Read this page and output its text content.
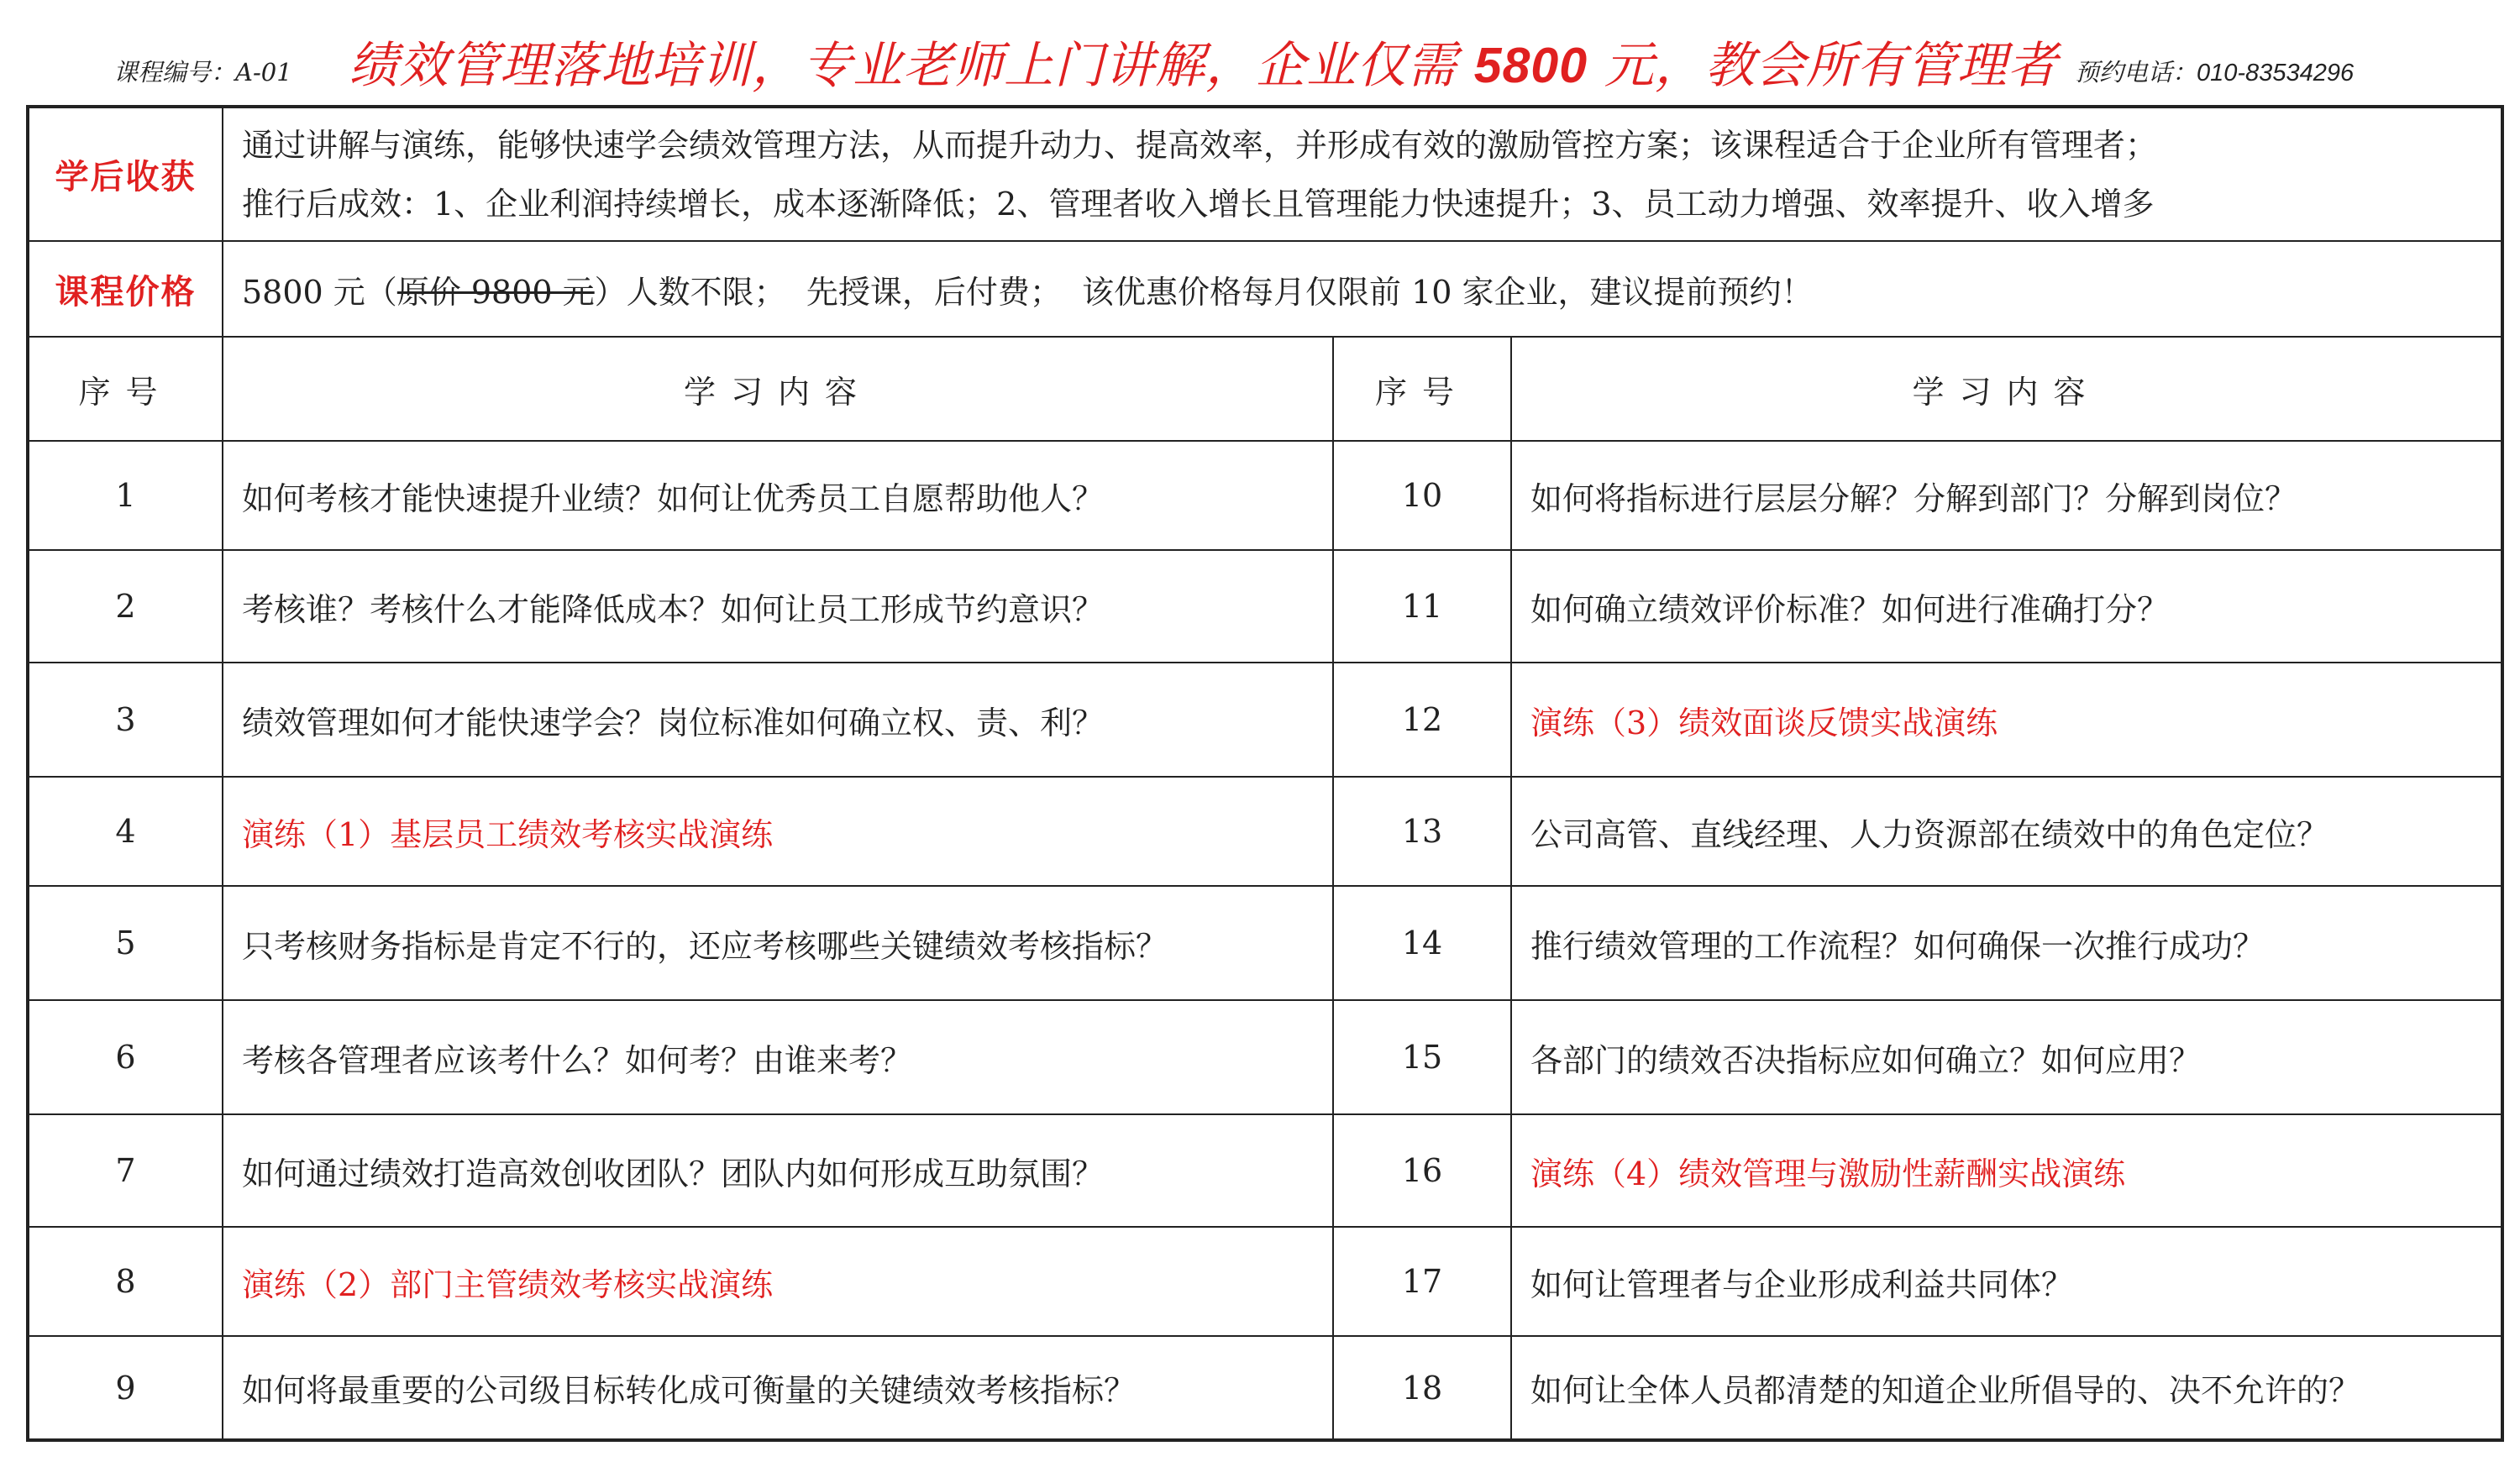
课程编号：A-01 绩效管理落地培训，专业老师上门讲解，企业仅需 5800 元，教会所有管理者 预约电话：010-83534296
学后收获	通过讲解与演练，能够快速学会绩效管理方法，从而提升动力、提高效率，并形成有效的激励管控方案；该课程适合于企业所有管理者；
推行后成效：1、企业利润持续增长，成本逐渐降低；2、管理者收入增长且管理能力快速提升；3、员工动力增强、效率提升、收入增多		

课程价格	5800 元（原价 9800 元）人数不限；  先授课，后付费；  该优惠价格每月仅限前 10 家企业，建议提前预约！		
序号	学习内容	序号	学习内容
1	如何考核才能快速提升业绩？如何让优秀员工自愿帮助他人？	10	如何将指标进行层层分解？分解到部门？分解到岗位？
2	考核谁？考核什么才能降低成本？如何让员工形成节约意识？	11	如何确立绩效评价标准？如何进行准确打分？
3	绩效管理如何才能快速学会？岗位标准如何确立权、责、利？	12	演练（3）绩效面谈反馈实战演练
4	演练（1）基层员工绩效考核实战演练	13	公司高管、直线经理、人力资源部在绩效中的角色定位？
5	只考核财务指标是肯定不行的，还应考核哪些关键绩效考核指标？	14	推行绩效管理的工作流程？如何确保一次推行成功？
6	考核各管理者应该考什么？如何考？由谁来考？	15	各部门的绩效否决指标应如何确立？如何应用？
7	如何通过绩效打造高效创收团队？团队内如何形成互助氛围？	16	演练（4）绩效管理与激励性薪酬实战演练
8	演练（2）部门主管绩效考核实战演练	17	如何让管理者与企业形成利益共同体？
9	如何将最重要的公司级目标转化成可衡量的关键绩效考核指标？	18	如何让全体人员都清楚的知道企业所倡导的、决不允许的？
